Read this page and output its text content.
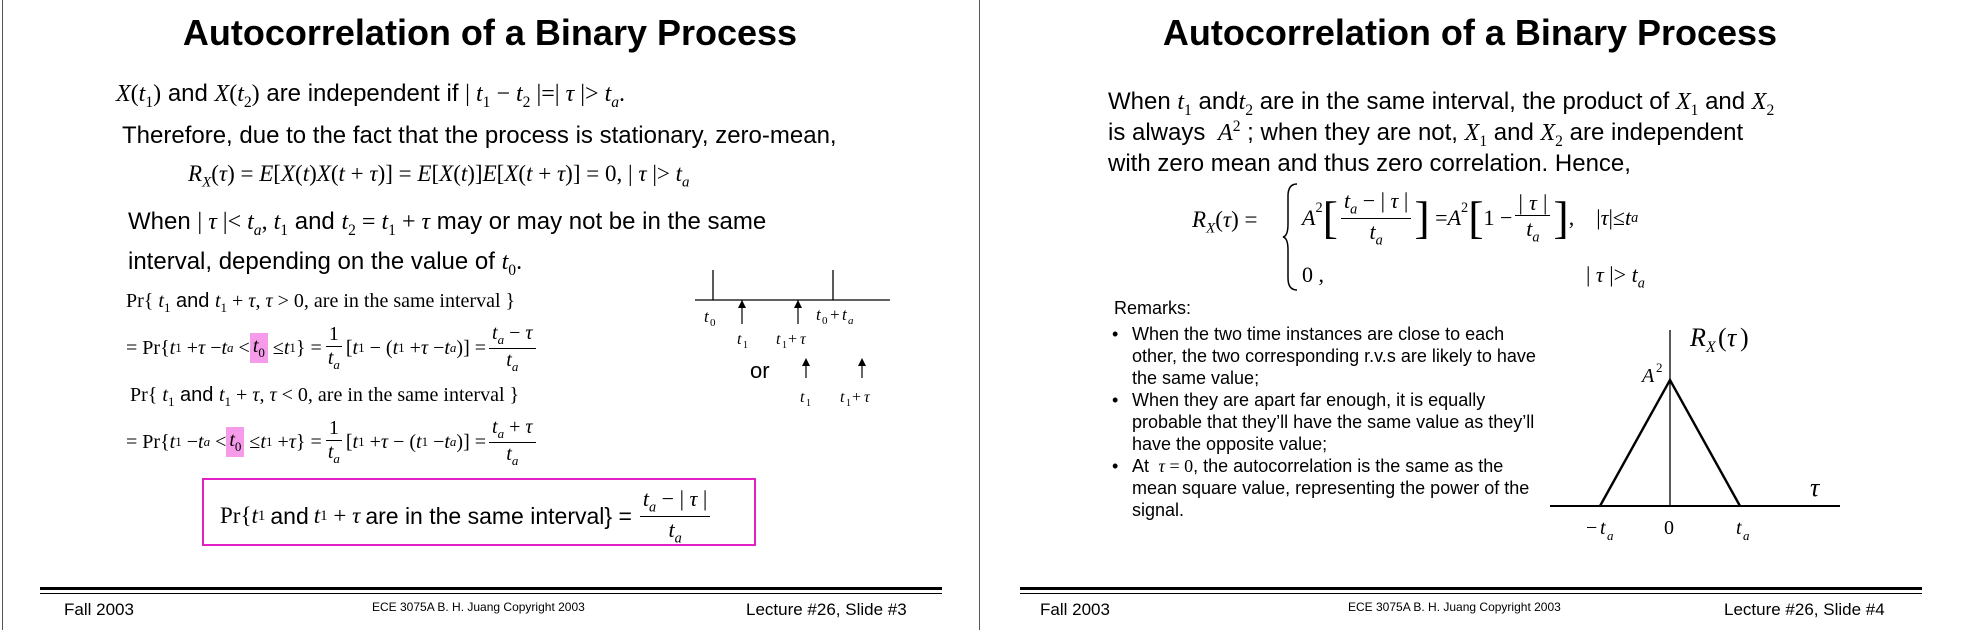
Autocorrelation of a Binary Process
$X(t_1)$ and $X(t_2)$ are independent if | $t_1 - t_2$ |=| τ |> $t_a$.
Therefore, due to the fact that the process is stationary, zero-mean,
$R_X(\tau) = E[X(t)X(t + \tau)] = E[X(t)]E[X(t + \tau)] = 0$, | τ |> $t_a$
When | τ |< $t_a$, $t_1$ and $t_2 = t_1 + \tau$ may or may not be in the same
interval, depending on the value of $t_0$.
Pr{ $t_1$ and $t_1 + \tau$, τ > 0, are in the same interval }
= Pr{ t 1 + τ − t $a < t_0 \le t$ 1 } = $\frac{1}{t_a}$ [ t 1 − ( t 1 + τ − t a )] = $\frac{t_a - \tau}{t_a}$
Pr{ $t_1$ and $t_1 + \tau$, τ < 0, are in the same interval }
= Pr{ t 1 − t $a < t_0 \le t$ 1 + τ } = $\frac{1}{t_a}$ [ t 1 + τ − ( t 1 − t a )] = $\frac{t_a + \tau}{t_a}$
Pr{ t 1 and t 1 + τ are in the same interval} = $\frac{t_a - | \tau |}{t_a}$
t 0	t 0 + t a
t 1 t 1 + τ
t 1 t 1 + τ
or
Fall 2003	ECE 3075A B. H. Juang Copyright 2003	Lecture #26, Slide #3
Autocorrelation of a Binary Process
When $t_1$ andt$_2$ are in the same interval, the product of $X_1$ and $X_2$
is always  $A^2$ ; when they are not, $X_1$ and $X_2$ are independent
with zero mean and thus zero correlation. Hence,
$R_X(\tau) = A^2$ [ $\frac{t_a - | \tau |}{t_a}$ ] = $A^2$ [ $1 - \frac{| \tau |}{t_a}$ ] ,    | τ |≤ t a
0 ,	| τ |> $t_a$
Remarks:
• When the two time instances are close to each other, the two corresponding r.v.s are likely to have the same value;
• When they are apart far enough, it is equally probable that they’ll have the same value as they’ll have the opposite value;
• At  τ = 0, the autocorrelation is the same as the mean square value, representing the power of the signal.
R X ( τ )
A 2
τ
− t a	0	t a
Fall 2003	ECE 3075A B. H. Juang Copyright 2003	Lecture #26, Slide #4
